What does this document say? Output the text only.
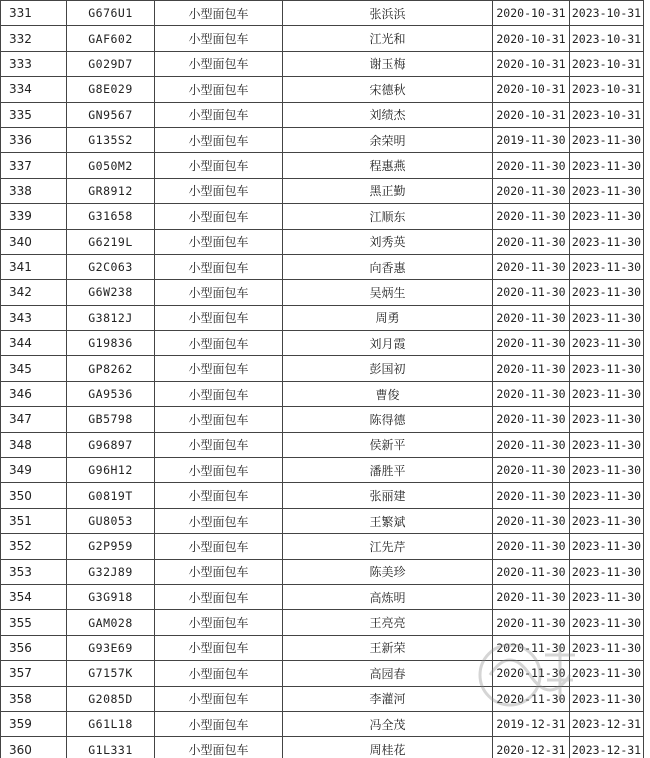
331	G676U1	小型面包车	张浜浜	2020-10-31	2023-10-31
332	GAF602	小型面包车	江光和	2020-10-31	2023-10-31
333	G029D7	小型面包车	谢玉梅	2020-10-31	2023-10-31
334	G8E029	小型面包车	宋德秋	2020-10-31	2023-10-31
335	GN9567	小型面包车	刘绩杰	2020-10-31	2023-10-31
336	G135S2	小型面包车	余荣明	2019-11-30	2023-11-30
337	G050M2	小型面包车	程惠燕	2020-11-30	2023-11-30
338	GR8912	小型面包车	黑正勤	2020-11-30	2023-11-30
339	G31658	小型面包车	江顺东	2020-11-30	2023-11-30
340	G6219L	小型面包车	刘秀英	2020-11-30	2023-11-30
341	G2C063	小型面包车	向香惠	2020-11-30	2023-11-30
342	G6W238	小型面包车	吴炳生	2020-11-30	2023-11-30
343	G3812J	小型面包车	周勇	2020-11-30	2023-11-30
344	G19836	小型面包车	刘月霞	2020-11-30	2023-11-30
345	GP8262	小型面包车	彭国初	2020-11-30	2023-11-30
346	GA9536	小型面包车	曹俊	2020-11-30	2023-11-30
347	GB5798	小型面包车	陈得德	2020-11-30	2023-11-30
348	G96897	小型面包车	侯新平	2020-11-30	2023-11-30
349	G96H12	小型面包车	潘胜平	2020-11-30	2023-11-30
350	G0819T	小型面包车	张丽建	2020-11-30	2023-11-30
351	GU8053	小型面包车	王繁斌	2020-11-30	2023-11-30
352	G2P959	小型面包车	江先芹	2020-11-30	2023-11-30
353	G32J89	小型面包车	陈美珍	2020-11-30	2023-11-30
354	G3G918	小型面包车	高炼明	2020-11-30	2023-11-30
355	GAM028	小型面包车	王亮亮	2020-11-30	2023-11-30
356	G93E69	小型面包车	王新荣	2020-11-30	2023-11-30
357	G7157K	小型面包车	高园春	2020-11-30	2023-11-30
358	G2085D	小型面包车	李灌河	2020-11-30	2023-11-30
359	G61L18	小型面包车	冯全茂	2019-12-31	2023-12-31
360	G1L331	小型面包车	周桂花	2020-12-31	2023-12-31
